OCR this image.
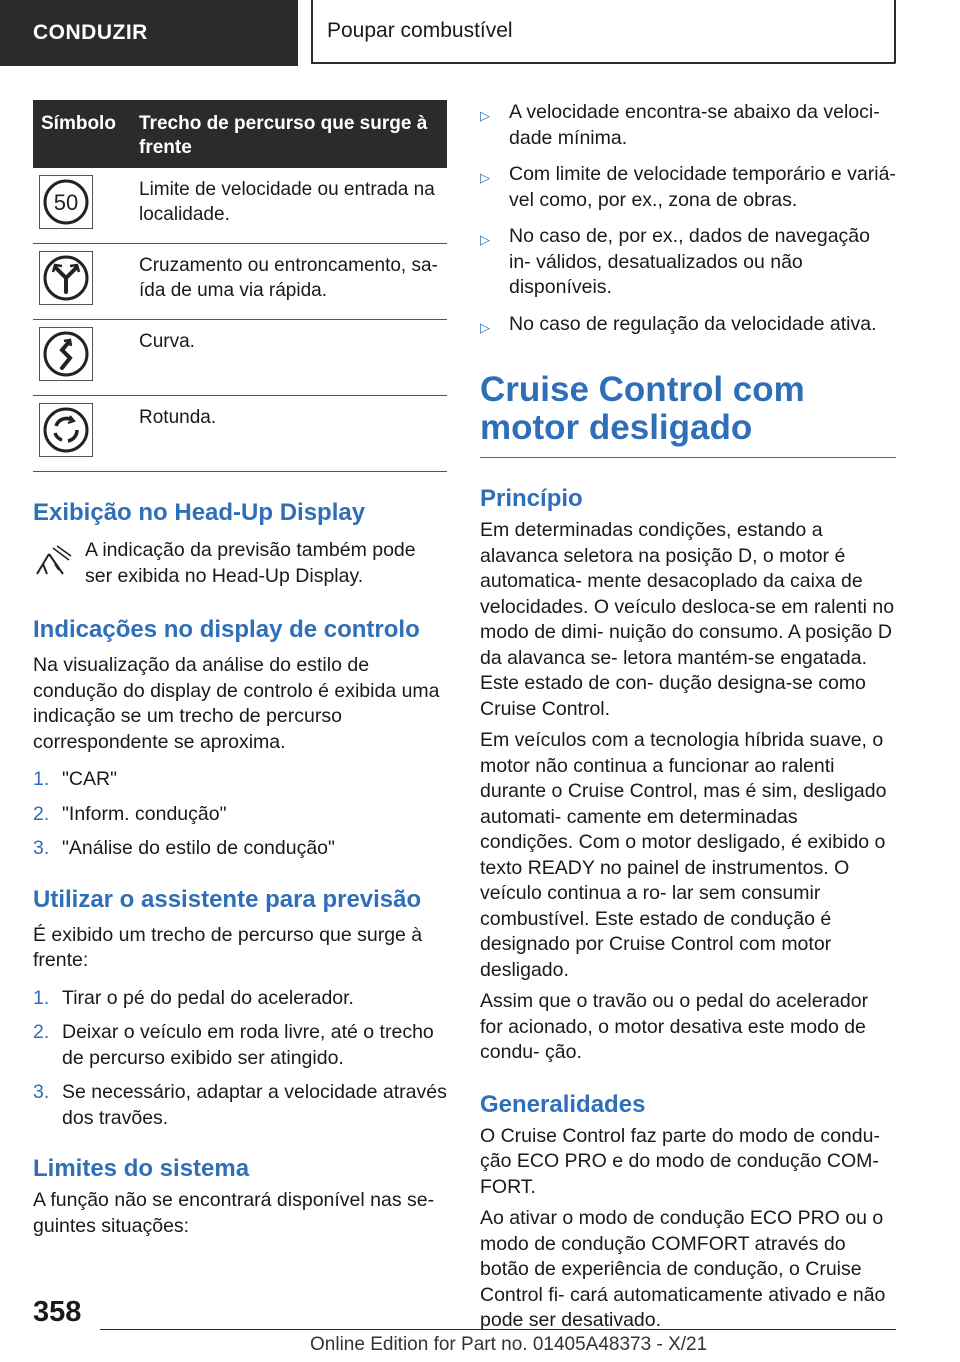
CONDUZIR	Poupar combustível
Símbolo	Trecho de percurso que surge à frente

50	Limite de velocidade ou entrada na localidade.

	Cruzamento ou entroncamento, sa- ída de uma via rápida.

	Curva.

	Rotunda.
Exibição no Head-Up Display

A indicação da previsão também pode ser exibida no Head-Up Display.

Indicações no display de controlo

Na visualização da análise do estilo de condução do display de controlo é exibida uma indicação se um trecho de percurso correspondente se aproxima.

1. "CAR"
2. "Inform. condução"
3. "Análise do estilo de condução"
Utilizar o assistente para previsão

É exibido um trecho de percurso que surge à frente:

1. Tirar o pé do pedal do acelerador.
2. Deixar o veículo em roda livre, até o trecho de percurso exibido ser atingido.
3. Se necessário, adaptar a velocidade através dos travões.
Limites do sistema

A função não se encontrará disponível nas se- guintes situações:

▷ A velocidade encontra-se abaixo da veloci- dade mínima.
▷ Com limite de velocidade temporário e variá- vel como, por ex., zona de obras.
▷ No caso de, por ex., dados de navegação in- válidos, desatualizados ou não disponíveis.
▷ No caso de regulação da velocidade ativa.
Cruise Control com motor desligado
Princípio

Em determinadas condições, estando a alavanca seletora na posição D, o motor é automatica- mente desacoplado da caixa de velocidades. O veículo desloca-se em ralenti no modo de dimi- nuição do consumo. A posição D da alavanca se- letora mantém-se engatada. Este estado de con- dução designa-se como Cruise Control.

Em veículos com a tecnologia híbrida suave, o motor não continua a funcionar ao ralenti durante o Cruise Control, mas é sim, desligado automati- camente em determinadas condições. Com o motor desligado, é exibido o texto READY no painel de instrumentos. O veículo continua a ro- lar sem consumir combustível. Este estado de condução é designado por Cruise Control com motor desligado.

Assim que o travão ou o pedal do acelerador for acionado, o motor desativa este modo de condu- ção.

Generalidades

O Cruise Control faz parte do modo de condu- ção ECO PRO e do modo de condução COM- FORT.

Ao ativar o modo de condução ECO PRO ou o modo de condução COMFORT através do botão de experiência de condução, o Cruise Control fi- cará automaticamente ativado e não pode ser desativado.

358
Online Edition for Part no. 01405A48373 - X/21
